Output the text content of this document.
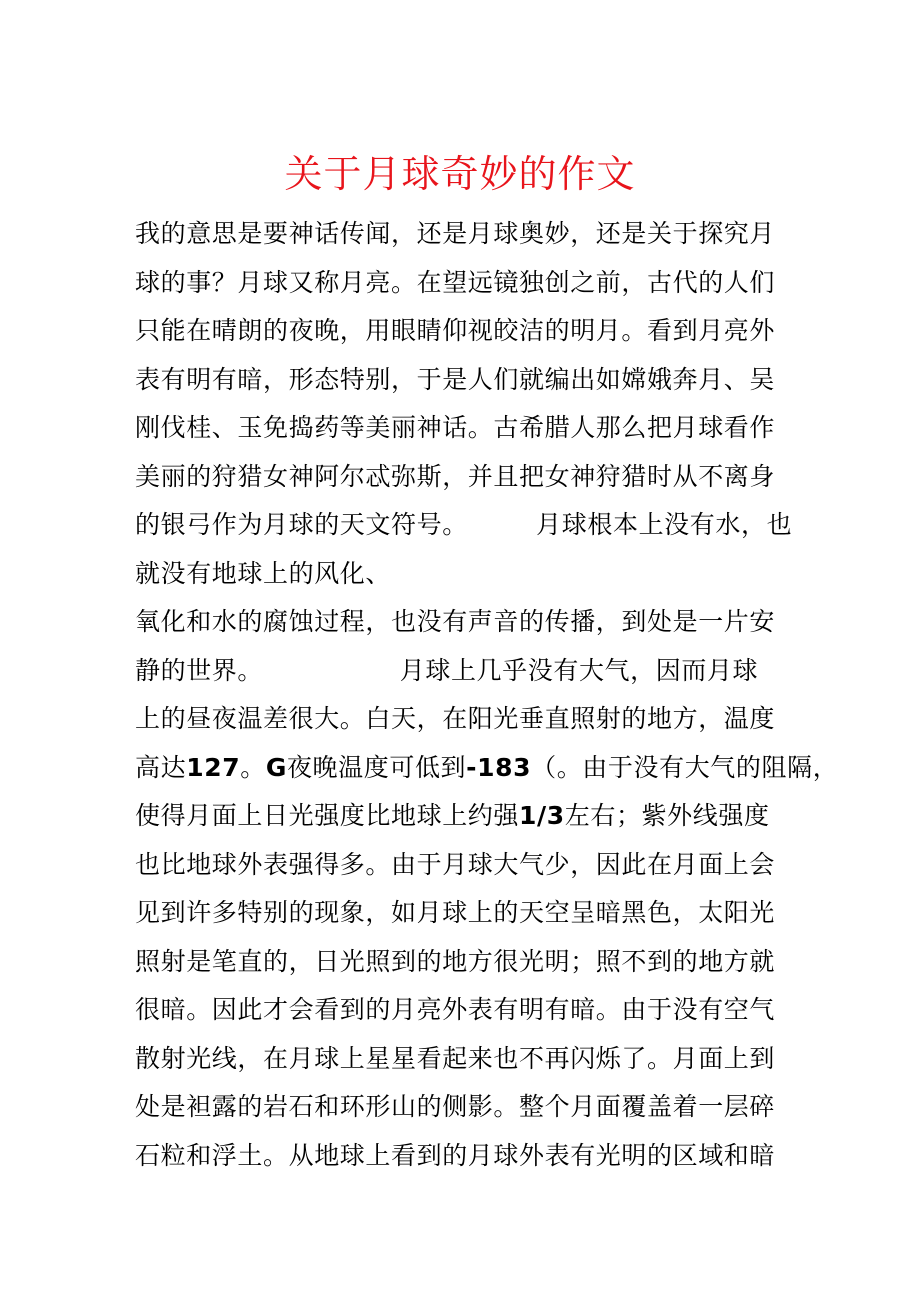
关于月球奇妙的作文
我的意思是要神话传闻，还是月球奥妙，还是关于探究月
球的事？月球又称月亮。在望远镜独创之前，古代的人们
只能在晴朗的夜晚，用眼睛仰视皎洁的明月。看到月亮外
表有明有暗，形态特别，于是人们就编出如嫦娥奔月、吴
刚伐桂、玉免捣药等美丽神话。古希腊人那么把月球看作
美丽的狩猎女神阿尔忒弥斯，并且把女神狩猎时从不离身
的银弓作为月球的天文符号。        月球根本上没有水，也
就没有地球上的风化、
氧化和水的腐蚀过程，也没有声音的传播，到处是一片安
静的世界。                月球上几乎没有大气，因而月球
上的昼夜温差很大。白天，在阳光垂直照射的地方，温度
高达127。G夜晚温度可低到-183（。由于没有大气的阻隔，
使得月面上日光强度比地球上约强1/3左右；紫外线强度
也比地球外表强得多。由于月球大气少，因此在月面上会
见到许多特别的现象，如月球上的天空呈暗黑色，太阳光
照射是笔直的，日光照到的地方很光明；照不到的地方就
很暗。因此才会看到的月亮外表有明有暗。由于没有空气
散射光线，在月球上星星看起来也不再闪烁了。月面上到
处是袒露的岩石和环形山的侧影。整个月面覆盖着一层碎
石粒和浮土。从地球上看到的月球外表有光明的区域和暗
